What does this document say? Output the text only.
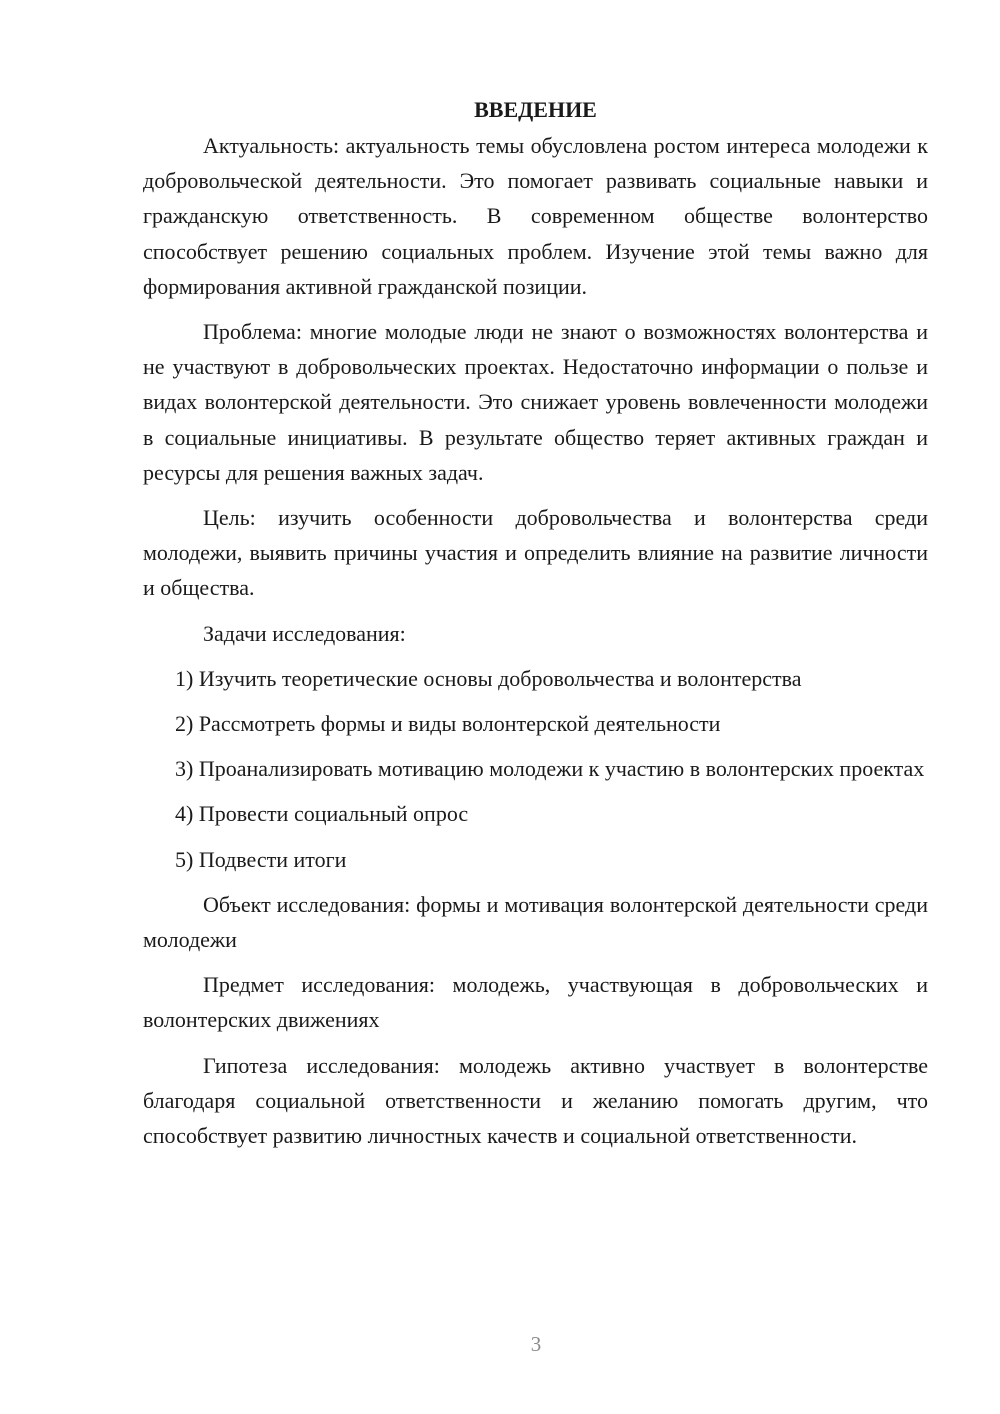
ВВЕДЕНИЕ

Актуальность: актуальность темы обусловлена ростом интереса молодежи к добровольческой деятельности. Это помогает развивать социальные навыки и гражданскую ответственность. В современном обществе волонтерство способствует решению социальных проблем. Изучение этой темы важно для формирования активной гражданской позиции.

Проблема: многие молодые люди не знают о возможностях волонтерства и не участвуют в добровольческих проектах. Недостаточно информации о пользе и видах волонтерской деятельности. Это снижает уровень вовлеченности молодежи в социальные инициативы. В результате общество теряет активных граждан и ресурсы для решения важных задач.

Цель: изучить особенности добровольчества и волонтерства среди молодежи, выявить причины участия и определить влияние на развитие личности и общества.

Задачи исследования:

1) Изучить теоретические основы добровольчества и волонтерства

2) Рассмотреть формы и виды волонтерской деятельности

3) Проанализировать мотивацию молодежи к участию в волонтерских проектах

4) Провести социальный опрос

5) Подвести итоги

Объект исследования: формы и мотивация волонтерской деятельности среди молодежи

Предмет исследования: молодежь, участвующая в добровольческих и волонтерских движениях

Гипотеза исследования: молодежь активно участвует в волонтерстве благодаря социальной ответственности и желанию помогать другим, что способствует развитию личностных качеств и социальной ответственности.

3
